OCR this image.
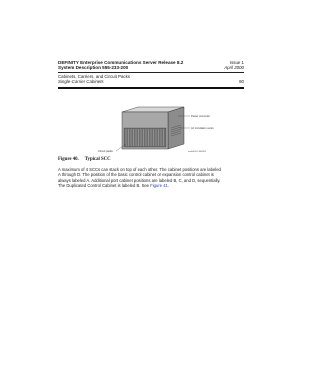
DEFINITY Enterprise Communications Server Release 8.2	Issue 1
System Description 555-233-200	April 2000
Cabinets, Carriers, and Circuit Packs
Single-Carrier Cabinets	80
Power converter
Air circulation vents
Circuit packs	scsfull KLC 062201
Figure 40. Typical SCC

A maximum of 4 SCCs can stack on top of each other. The cabinet positions are labeled

A through D. The position of the basic control cabinet or expansion control cabinet is

always labeled A. Additional port cabinet positions are labeled B, C, and D, sequentially.

The Duplicated Control Cabinet is labeled B. See Figure 41.
